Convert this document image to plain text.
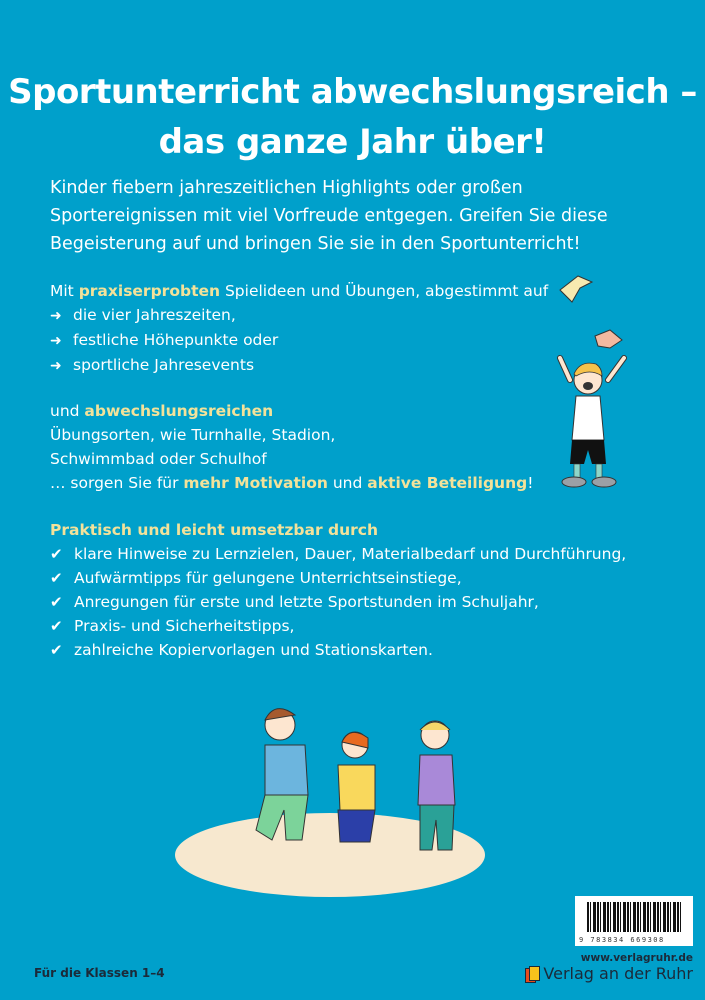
Sportunterricht abwechslungsreich –
das ganze Jahr über!

Kinder fiebern jahreszeitlichen Highlights oder großen Sportereignissen mit viel Vorfreude entgegen. Greifen Sie diese Begeisterung auf und bringen Sie sie in den Sportunterricht!

Mit praxiserprobten Spielideen und Übungen, abgestimmt auf
➜ die vier Jahreszeiten,
➜ festliche Höhepunkte oder
➜ sportliche Jahresevents
und abwechslungsreichen Übungsorten, wie Turnhalle, Stadion, Schwimmbad oder Schulhof
… sorgen Sie für mehr Motivation und aktive Beteiligung!
Praktisch und leicht umsetzbar durch
✔ klare Hinweise zu Lernzielen, Dauer, Materialbedarf und Durchführung,
✔ Aufwärmtipps für gelungene Unterrichtseinstiege,
✔ Anregungen für erste und letzte Sportstunden im Schuljahr,
✔ Praxis- und Sicherheitstipps,
✔ zahlreiche Kopiervorlagen und Stationskarten.
Für die Klassen 1–4
9 783834 669308
www.verlagruhr.de
Verlag an der Ruhr
